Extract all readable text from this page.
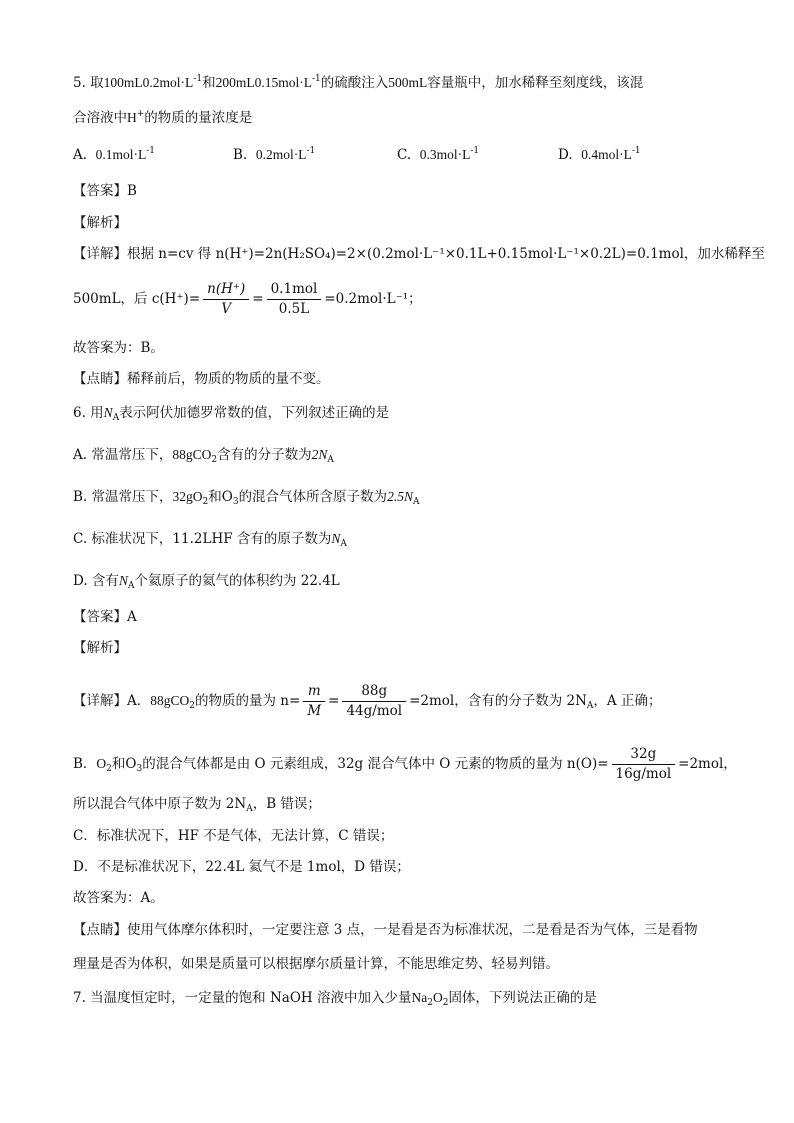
5. 取$100mL0.2mol\cdot L^{-1}$和$200mL0.15mol\cdot L^{-1}$的硫酸注入500mL容量瓶中，加水稀释至刻度线，该混
合溶液中H+的物质的量浓度是
A. $0.1mol\cdot L^{-1}$	B. $0.2mol\cdot L^{-1}$	C. $0.3mol\cdot L^{-1}$	D. $0.4mol\cdot L^{-1}$
【答案】B
【解析】
【详解】根据 n=cv 得 n(H⁺)=2n(H₂SO₄)=2×(0.2mol·L⁻¹×0.1L+0.15mol·L⁻¹×0.2L)=0.1mol，加水稀释至
500mL，后 $c(H^+)= \frac{n(H^+)}{V} = \frac{\text{0.1mol}}{0.5L} =0.2mol\cdot L^{-1}$；
故答案为：B。
【点睛】稀释前后，物质的物质的量不变。
6. 用$N_A$表示阿伏加德罗常数的值，下列叙述正确的是
A. 常温常压下，88gCO$_2$含有的分子数为$2N_A$
B. 常温常压下，$32gO_2$和$O_3$的混合气体所含原子数为$2.5N_A$
C. 标准状况下，11.2LHF 含有的原子数为$N_A$
D. 含有$N_A$个氦原子的氦气的体积约为 22.4L
【答案】A
【解析】
【详解】A．88gCO$_2$的物质的量为 $n= \frac{m}{M} = \frac{88g}{\text{44g/mol}} =2mol$，含有的分子数为 $2N_A$，A 正确；
B．$O_2$和$O_3$的混合气体都是由 O 元素组成，32g 混合气体中 O 元素的物质的量为 $n(O)= \frac{32g}{\text{16g/mol}} =2mol$，
所以混合气体中原子数为 $2N_A$，B 错误；
C．标准状况下，HF 不是气体，无法计算，C 错误；
D．不是标准状况下，22.4L 氦气不是 1mol，D 错误；
故答案为：A。
【点睛】使用气体摩尔体积时，一定要注意 3 点，一是看是否为标准状况，二是看是否为气体，三是看物
理量是否为体积，如果是质量可以根据摩尔质量计算，不能思维定势、轻易判错。
7. 当温度恒定时，一定量的饱和 NaOH 溶液中加入少量$Na_2O_2$固体，下列说法正确的是
